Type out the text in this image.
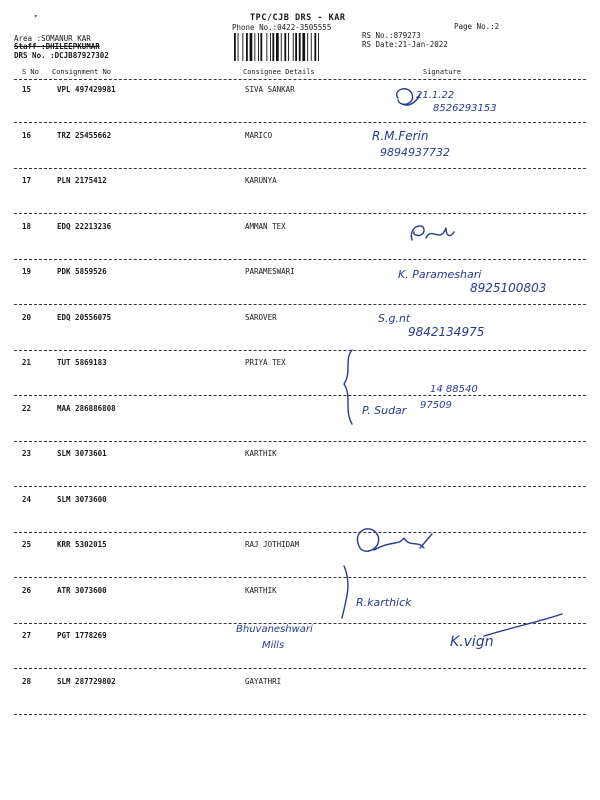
▾	TPC/CJB DRS - KAR
Phone No.:0422-3505555	Page No.:2
Area :SOMANUR KAR
Staff :DHILEEPKUMAR
DRS No. :DCJB87927302
RS No.:879273
RS Date:21-Jan-2022
S No Consignment No	Consignee Details	Signature
15	VPL 497429981	SIVA SANKAR
16	TRZ 25455662	MARICO
17	PLN 2175412	KARUNYA
18	EDQ 22213236	AMMAN TEX
19	PDK 5859526	PARAMESWARI
20	EDQ 20556075	SAROVER
21	TUT 5869183	PRIYA TEX
22	MAA 286886808
23	SLM 3073601	KARTHIK
24	SLM 3073600
25	KRR 5302015	RAJ JOTHIDAM
26	ATR 3073600	KARTHIK
27	PGT 1778269
28	SLM 287729802	GAYATHRI
21.1.22
8526293153
R.M.Ferin
9894937732
K. Parameshari
8925100803
S.g.nt
9842134975
P. Sudar
14 88540
97509
R.karthick
Bhuvaneshwari
Mills	K.vign
